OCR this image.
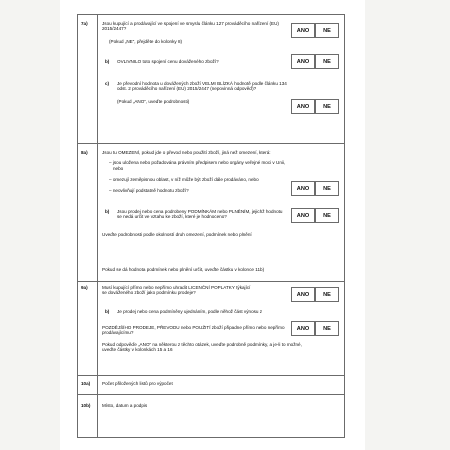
7a)	Jsou kupující a prodávající ve spojení ve smyslu článku 127 prováděcího nařízení (EU)
2015/2447?
(Pokud „NE“, přejděte do kolonky 8)
ANO	NE
b) OVLIVNILO toto spojení cenu dováženého zboží?	ANO	NE
c) Je převodní hodnota u dovážených zboží VELMI BLÍZKÁ hodnotě podle článku 134
odst. 2 prováděcího nařízení (EU) 2015/2447 (nepovinná odpověď)?
(Pokud „ANO“, uveďte podrobnosti)
ANO	NE
8a)	Jsou tu OMEZENÍ, pokud jde o převod nebo použití zboží, jiná než omezení, která:
– jsou uložena nebo požadována právním předpisem nebo orgány veřejné moci v Unii,
nebo
– omezují zeměpisnou oblast, v níž může být zboží dále prodáváno, nebo
– neovlivňují podstatně hodnotu zboží?	ANO	NE
b) Jsou prodej nebo cena podrobeny PODMÍNKÁM nebo PLNĚNÍM, jejichž hodnotu
se nedá určit ve vztahu ke zboží, které je hodnoceno?	ANO	NE
Uveďte podrobnosti podle okolností druh omezení, podmínek nebo plnění
Pokud se dá hodnota podmínek nebo plnění určit, uveďte částku v kolonce 11b)
9a)	Musí kupující přímo nebo nepřímo uhradit LICENČNÍ POPLATKY týkající
se dováženého zboží jako podmínku prodeje?	ANO	NE
b) Je prodej nebo cena podmíněny ujednáním, podle něhož část výnosu z
POZDĚJŠÍHO PRODEJE, PŘEVODU nebo POUŽITÍ zboží připadne přímo nebo nepřímo
prodávajícímu?
ANO	NE
Pokud odpověďe „ANO“ na některou z těchto otázek, uveďte podrobně podmínky, a je-li to možné,
uveďte částky v kolonkách 15 a 16
10a)	Počet přiložených listů pro výpočet
10b)	Místo, datum a podpis
